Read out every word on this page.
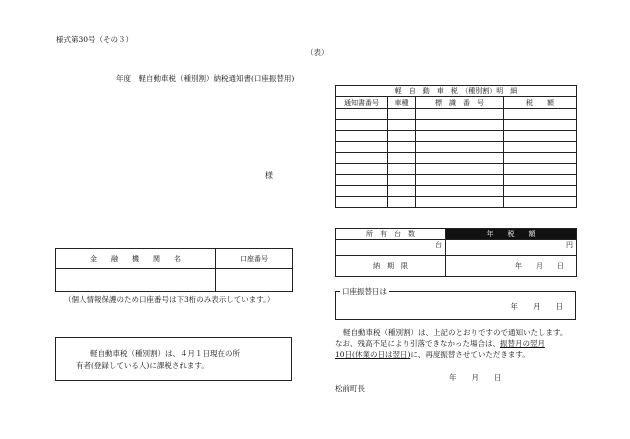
様式第30号（その３）
（表）
年度　軽自動車税（種別割）納税通知書(口座振替用)
様
金　　融　　機　　関　　名	口座番号

（個人情報保護のため口座番号は下3桁のみ表示しています。）
軽自動車税（種別割）は、４月１日現在の所
有者(登録している人)に課税されます。
軽　自　動　車　税　（種別割）明　細			
通知書番号	車種	標　識　番　号	税　　額

所　有　台　数	年　　税　　額
台	円
納　期　限	年　　月　　日
口座振替日は
年　　月　　日
軽自動車税（種別割）は、上記のとおりですので通知いたします。
なお、残高不足により引落できなかった場合は、振替月の翌月
10日(休業の日は翌日)に、再度振替させていただきます。
年　　月　　日
松前町長
